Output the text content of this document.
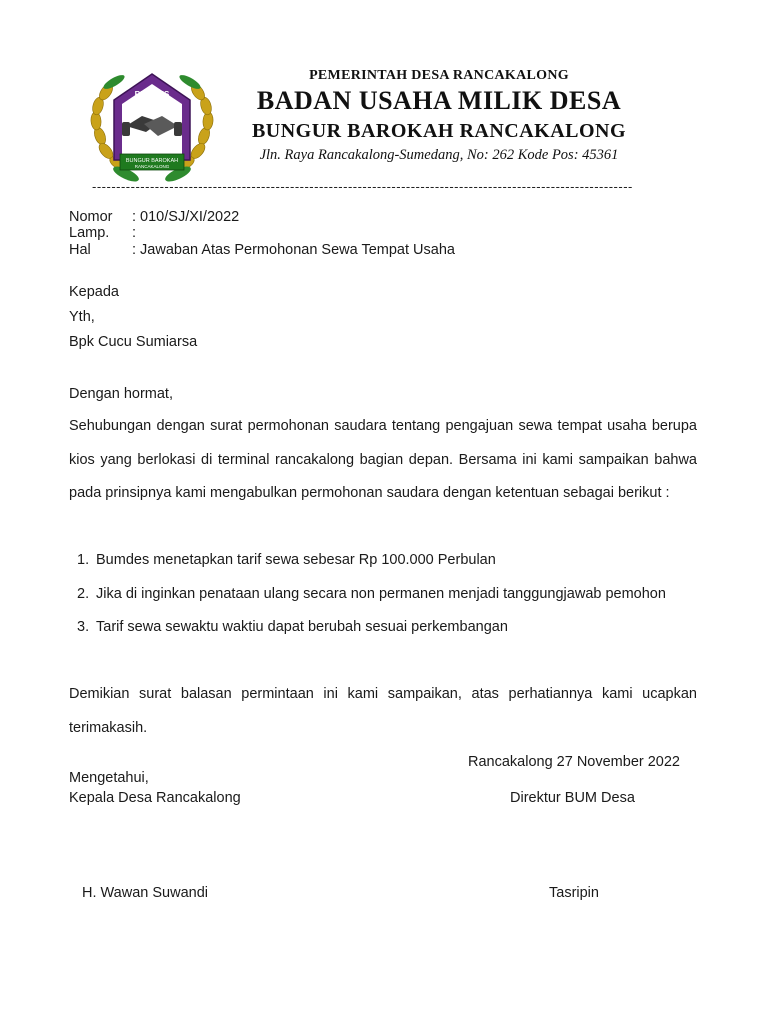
BUMDES
BUNGUR BAROKAH
RANCAKALONG
PEMERINTAH DESA RANCAKALONG
BADAN USAHA MILIK DESA
BUNGUR BAROKAH RANCAKALONG
Jln. Raya Rancakalong-Sumedang, No: 262 Kode Pos: 45361
----------------------------------------------------------------------------------------------------------------
Nomor : 010/SJ/XI/2022
Lamp. :
Hal	: Jawaban Atas Permohonan Sewa Tempat Usaha
Kepada
Yth,
Bpk Cucu Sumiarsa
Dengan hormat,
Sehubungan dengan surat permohonan saudara tentang pengajuan sewa tempat usaha berupa kios yang berlokasi di terminal rancakalong bagian depan. Bersama ini kami sampaikan bahwa pada prinsipnya kami mengabulkan permohonan saudara dengan ketentuan sebagai berikut :
1. Bumdes menetapkan tarif sewa sebesar Rp 100.000 Perbulan
2. Jika di inginkan penataan ulang secara non permanen menjadi tanggungjawab pemohon
3. Tarif sewa sewaktu waktiu dapat berubah sesuai perkembangan
Demikian surat balasan permintaan ini kami sampaikan, atas perhatiannya kami ucapkan terimakasih.
Rancakalong 27 November 2022
Mengetahui,
Kepala Desa Rancakalong	Direktur BUM Desa
H. Wawan Suwandi	Tasripin
